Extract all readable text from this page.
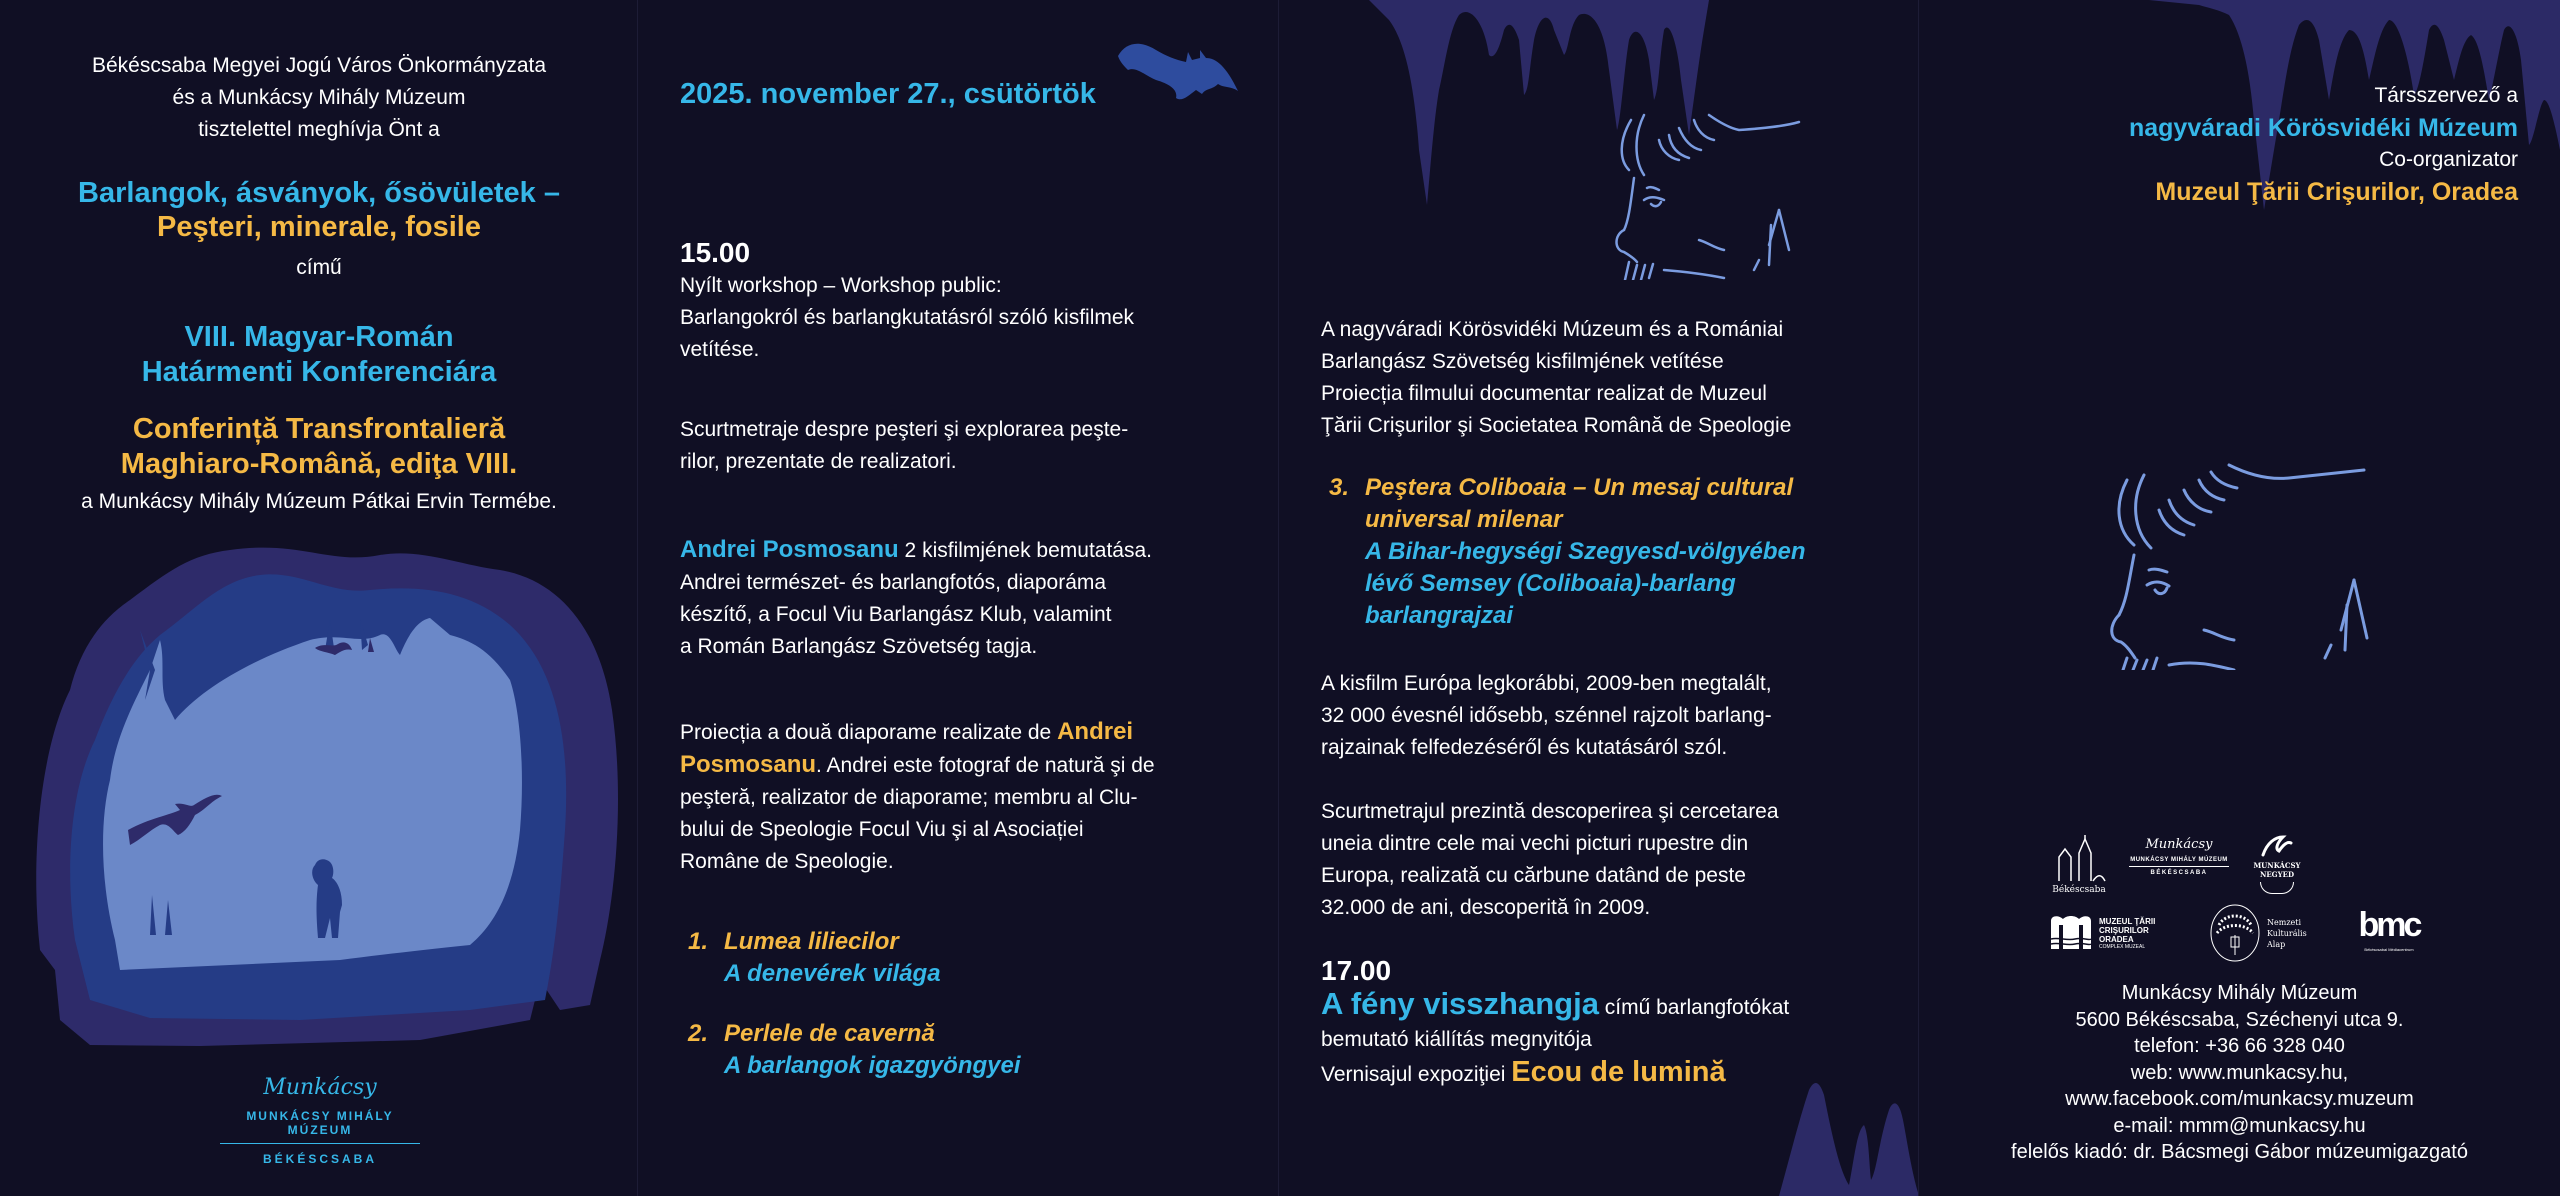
Békéscsaba Megyei Jogú Város Önkormányzata
és a Munkácsy Mihály Múzeum
tisztelettel meghívja Önt a
Barlangok, ásványok, ősövületek –
Peşteri, minerale, fosile
című
VIII. Magyar-Román
Határmenti Konferenciára
Conferință Transfrontalieră
Maghiaro-Română, ediţa VIII.
a Munkácsy Mihály Múzeum Pátkai Ervin Termébe.
Munkácsy
MUNKÁCSY MIHÁLY MÚZEUM
BÉKÉSCSABA
2025. november 27., csütörtök
15.00
Nyílt workshop – Workshop public:
Barlangokról és barlangkutatásról szóló kisfilmek
vetítése.
Scurtmetraje despre peşteri şi explorarea peşte-
rilor, prezentate de realizatori.
Andrei Posmosanu 2 kisfilmjének bemutatása.
Andrei természet- és barlangfotós, diaporáma
készítő, a Focul Viu Barlangász Klub, valamint
a Román Barlangász Szövetség tagja.
Proiecția a două diaporame realizate de Andrei
Posmosanu. Andrei este fotograf de natură şi de
peşteră, realizator de diaporame; membru al Clu-
bului de Speologie Focul Viu şi al Asociației
Române de Speologie.
1. Lumea liliecilor
A denevérek világa
2. Perlele de cavernă
A barlangok igazgyöngyei
A nagyváradi Körösvidéki Múzeum és a Romániai
Barlangász Szövetség kisfilmjének vetítése
Proiecția filmului documentar realizat de Muzeul
Ţării Crişurilor şi Societatea Română de Speologie
3. Peştera Coliboaia – Un mesaj cultural
universal milenar
A Bihar-hegységi Szegyesd-völgyében
lévő Semsey (Coliboaia)-barlang
barlangrajzai
A kisfilm Európa legkorábbi, 2009-ben megtalált,
32 000 évesnél idősebb, szénnel rajzolt barlang-
rajzainak felfedezéséről és kutatásáról szól.
Scurtmetrajul prezintă descoperirea şi cercetarea
uneia dintre cele mai vechi picturi rupestre din
Europa, realizată cu cărbune datând de peste
32.000 de ani, descoperită în 2009.
17.00
A fény visszhangja című barlangfotókat
bemutató kiállítás megnyitója
Vernisajul expoziţiei Ecou de lumină
Társszervező a
nagyváradi Körösvidéki Múzeum
Co-organizator
Muzeul Ţării Crişurilor, Oradea
Békéscsaba
Munkácsy
MUNKÁCSY MIHÁLY MÚZEUM
BÉKÉSCSABA
MUNKÁCSY NEGYED
MUZEUL ŢĂRII CRIŞURILOR ORADEA
COMPLEX MUZEAL
Nemzeti Kulturális Alap	bmc
Békéscsabai Médiacentrum
Munkácsy Mihály Múzeum
5600 Békéscsaba, Széchenyi utca 9.
telefon: +36 66 328 040
web: www.munkacsy.hu,
www.facebook.com/munkacsy.muzeum
e-mail: mmm@munkacsy.hu
felelős kiadó: dr. Bácsmegi Gábor múzeumigazgató
